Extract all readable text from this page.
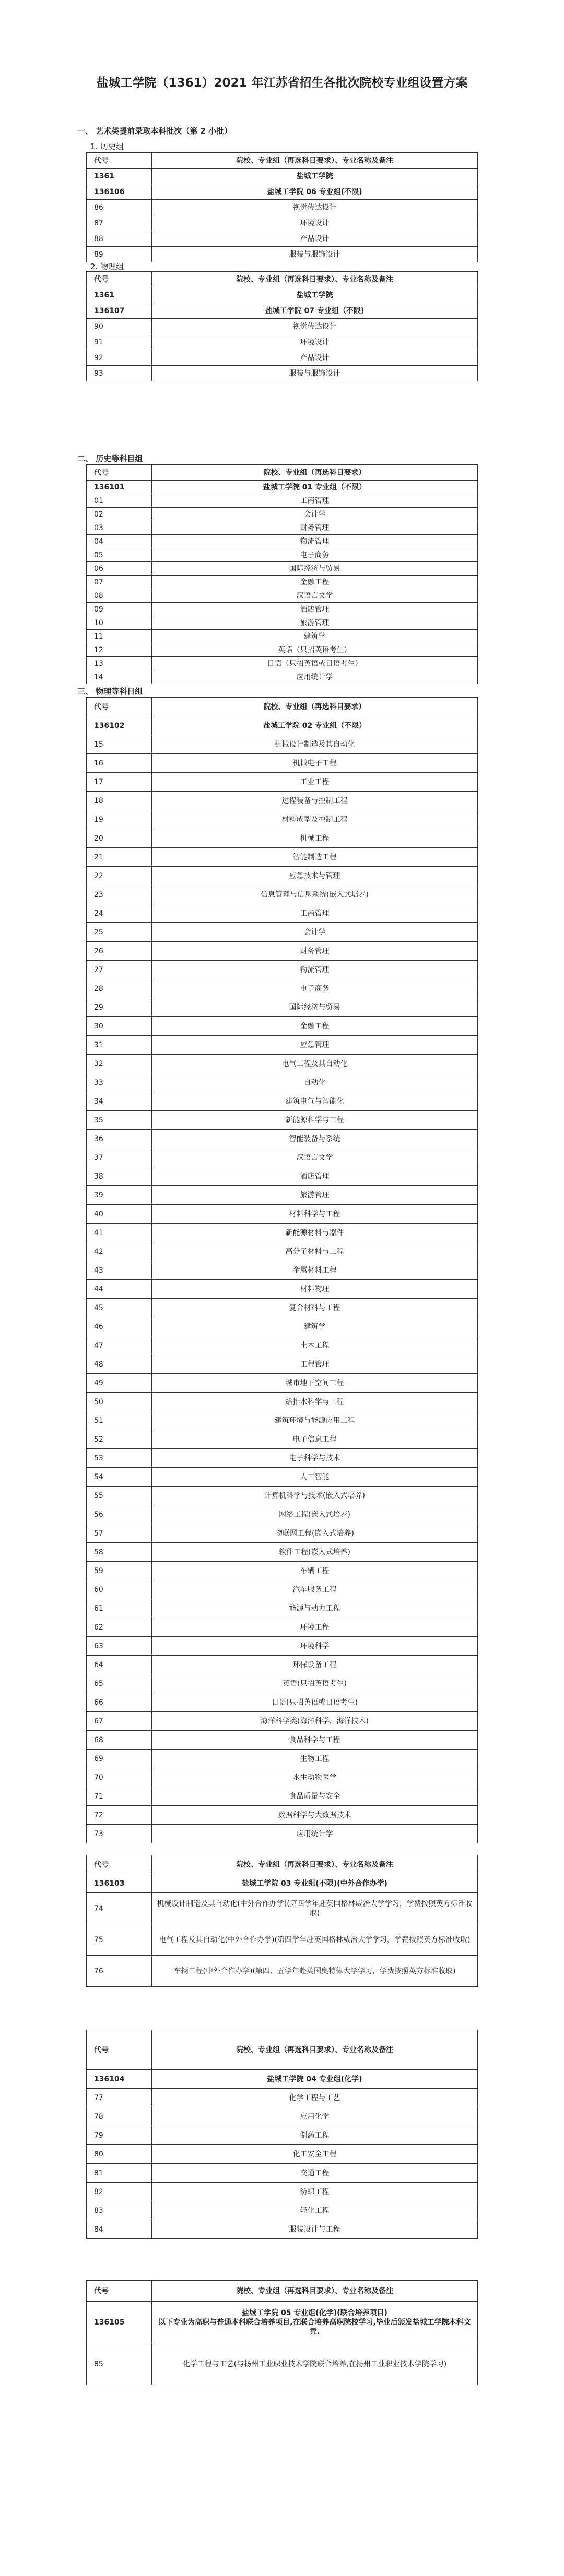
盐城工学院（1361）2021 年江苏省招生各批次院校专业组设置方案
一、 艺术类提前录取本科批次（第 2 小批）
1. 历史组
代号	院校、专业组（再选科目要求）、专业名称及备注
1361	盐城工学院
136106	盐城工学院 06 专业组(不限)
86	视觉传达设计
87	环境设计
88	产品设计
89	服装与服饰设计
2. 物理组
代号	院校、专业组（再选科目要求）、专业名称及备注
1361	盐城工学院
136107	盐城工学院 07 专业组（不限)
90	视觉传达设计
91	环境设计
92	产品设计
93	服装与服饰设计
二、 历史等科目组
代号	院校、专业组（再选科目要求）
136101	盐城工学院 01 专业组（不限）
01	工商管理
02	会计学
03	财务管理
04	物流管理
05	电子商务
06	国际经济与贸易
07	金融工程
08	汉语言文学
09	酒店管理
10	旅游管理
11	建筑学
12	英语（只招英语考生）
13	日语（只招英语或日语考生）
14	应用统计学
三、 物理等科目组
代号	院校、专业组（再选科目要求）
136102	盐城工学院 02 专业组（不限）
15	机械设计制造及其自动化
16	机械电子工程
17	工业工程
18	过程装备与控制工程
19	材料成型及控制工程
20	机械工程
21	智能制造工程
22	应急技术与管理
23	信息管理与信息系统(嵌入式培养)
24	工商管理
25	会计学
26	财务管理
27	物流管理
28	电子商务
29	国际经济与贸易
30	金融工程
31	应急管理
32	电气工程及其自动化
33	自动化
34	建筑电气与智能化
35	新能源科学与工程
36	智能装备与系统
37	汉语言文学
38	酒店管理
39	旅游管理
40	材料科学与工程
41	新能源材料与器件
42	高分子材料与工程
43	金属材料工程
44	材料物理
45	复合材料与工程
46	建筑学
47	土木工程
48	工程管理
49	城市地下空间工程
50	给排水科学与工程
51	建筑环境与能源应用工程
52	电子信息工程
53	电子科学与技术
54	人工智能
55	计算机科学与技术(嵌入式培养)
56	网络工程(嵌入式培养)
57	物联网工程(嵌入式培养)
58	软件工程(嵌入式培养)
59	车辆工程
60	汽车服务工程
61	能源与动力工程
62	环境工程
63	环境科学
64	环保设备工程
65	英语(只招英语考生)
66	日语(只招英语或日语考生)
67	海洋科学类(海洋科学，海洋技术)
68	食品科学与工程
69	生物工程
70	水生动物医学
71	食品质量与安全
72	数据科学与大数据技术
73	应用统计学
代号	院校、专业组（再选科目要求）、专业名称及备注
136103	盐城工学院 03 专业组(不限)(中外合作办学)
74	机械设计制造及其自动化(中外合作办学)(第四学年赴英国格林威治大学学习，学费按照英方标准收取)
75	电气工程及其自动化(中外合作办学)(第四学年赴英国格林威治大学学习，学费按照英方标准收取)
76	车辆工程(中外合作办学)(第四、五学年赴英国奥特律大学学习，学费按照英方标准收取)
代号	院校、专业组（再选科目要求）、专业名称及备注
136104	盐城工学院 04 专业组(化学)
77	化学工程与工艺
78	应用化学
79	制药工程
80	化工安全工程
81	交通工程
82	纺织工程
83	轻化工程
84	服装设计与工程
代号	院校、专业组（再选科目要求）、专业名称及备注
136105	盐城工学院 05 专业组(化学)(联合培养项目)
以下专业为高职与普通本科联合培养项目,在联合培养高职院校学习,毕业后颁发盐城工学院本科文凭.
85	化学工程与工艺(与扬州工业职业技术学院联合培养,在扬州工业职业技术学院学习)
